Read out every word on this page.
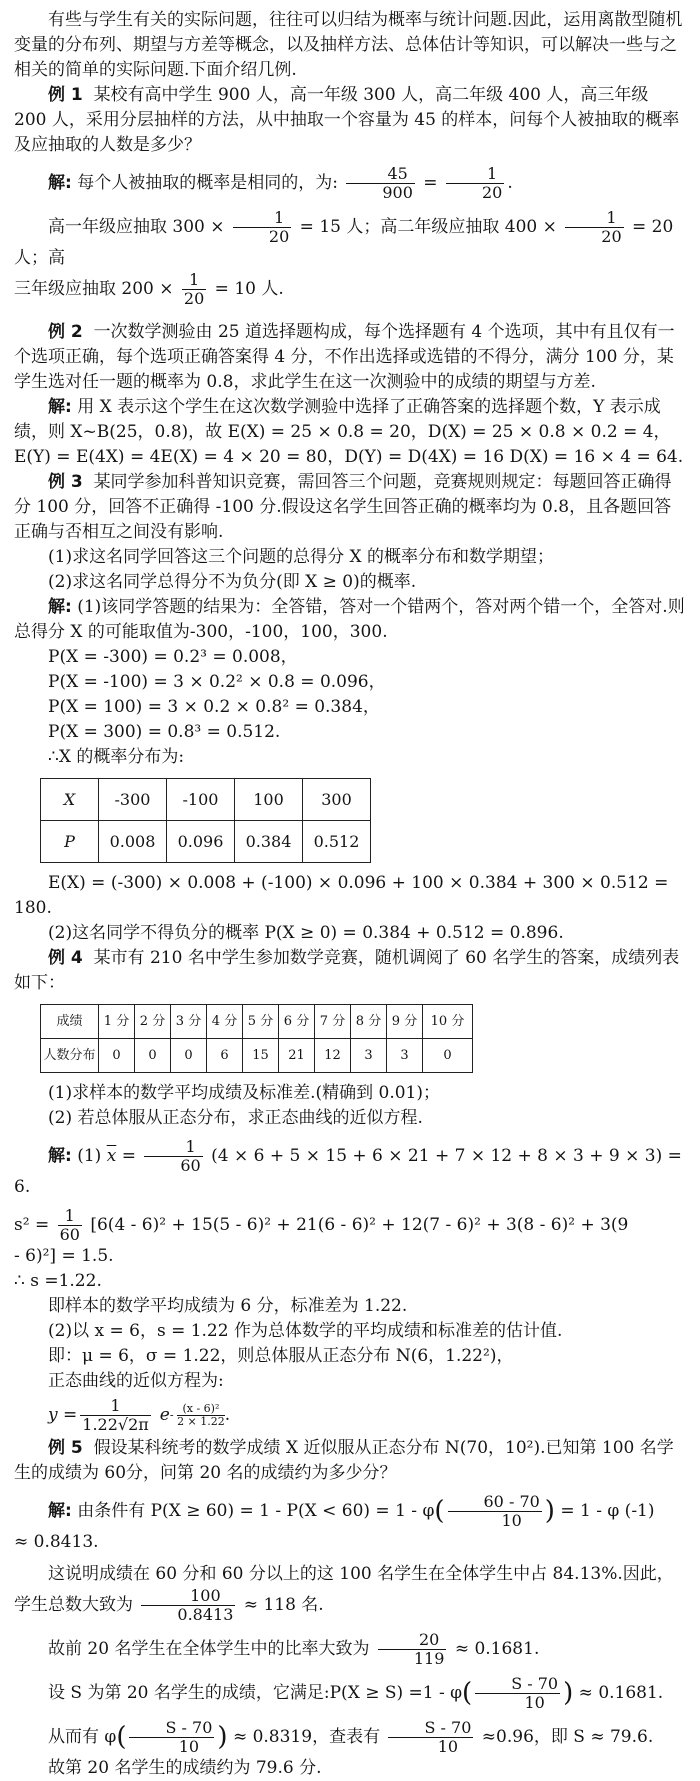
有些与学生有关的实际问题，往往可以归结为概率与统计问题.因此，运用离散型随机变量的分布列、期望与方差等概念，以及抽样方法、总体估计等知识，可以解决一些与之相关的简单的实际问题.下面介绍几例.

例 1 某校有高中学生 900 人，高一年级 300 人，高二年级 400 人，高三年级 200 人，采用分层抽样的方法，从中抽取一个容量为 45 的样本，问每个人被抽取的概率及应抽取的人数是多少？

解: 每个人被抽取的概率是相同的，为: $\frac{45}{900} = \frac{1}{20}$ .

高一年级应抽取 $300 \times \frac{1}{20} = 15$ 人；高二年级应抽取 $400 \times \frac{1}{20} = 20$ 人；高

三年级应抽取 $200 \times \frac{1}{20} = 10$ 人.

例 2 一次数学测验由 25 道选择题构成，每个选择题有 4 个选项，其中有且仅有一个选项正确，每个选项正确答案得 4 分，不作出选择或选错的不得分，满分 100 分，某学生选对任一题的概率为 0.8，求此学生在这一次测验中的成绩的期望与方差.

解: 用 X 表示这个学生在这次数学测验中选择了正确答案的选择题个数，Y 表示成绩，则 X~B(25，0.8)，故 E(X) = 25 × 0.8 = 20，D(X) = 25 × 0.8 × 0.2 = 4，E(Y) = E(4X) = 4E(X) = 4 × 20 = 80，D(Y) = D(4X) = 16 D(X) = 16 × 4 = 64.

例 3 某同学参加科普知识竞赛，需回答三个问题，竞赛规则规定：每题回答正确得分 100 分，回答不正确得 -100 分.假设这名学生回答正确的概率均为 0.8，且各题回答正确与否相互之间没有影响.

(1)求这名同学回答这三个问题的总得分 X 的概率分布和数学期望；

(2)求这名同学总得分不为负分(即 X ≥ 0)的概率.

解: (1)该同学答题的结果为：全答错，答对一个错两个，答对两个错一个，全答对.则总得分 X 的可能取值为-300，-100，100，300.

P(X = -300) = 0.2³ = 0.008，

P(X = -100) = 3 × 0.2² × 0.8 = 0.096，

P(X = 100) = 3 × 0.2 × 0.8² = 0.384，

P(X = 300) = 0.8³ = 0.512.

∴X 的概率分布为:

X	-300	-100	100	300
P	0.008	0.096	0.384	0.512

E(X) = (-300) × 0.008 + (-100) × 0.096 + 100 × 0.384 + 300 × 0.512 = 180.

(2)这名同学不得负分的概率 P(X ≥ 0) = 0.384 + 0.512 = 0.896.

例 4 某市有 210 名中学生参加数学竞赛，随机调阅了 60 名学生的答案，成绩列表如下：

成绩	1 分	2 分	3 分	4 分	5 分	6 分	7 分	8 分	9 分	10 分
人数分布	0	0	0	6	15	21	12	3	3	0

(1)求样本的数学平均成绩及标准差.(精确到 0.01)；

(2) 若总体服从正态分布，求正态曲线的近似方程.

解: (1) $\overline{x} = \frac{1}{60} (4 \times 6 + 5 \times 15 + 6 \times 21 + 7 \times 12 + 8 \times 3 + 9 \times 3) = 6$.

$s^2 = \frac{1}{60} [6(4 - 6)^2 + 15(5 - 6)^2 + 21(6 - 6)^2 + 12(7 - 6)^2 + 3(8 - 6)^2 + 3(9$

- 6)²] = 1.5.

∴ s =1.22.

即样本的数学平均成绩为 6 分，标准差为 1.22.

(2)以 x = 6，s = 1.22 作为总体数学的平均成绩和标准差的估计值.

即：μ = 6，σ = 1.22，则总体服从正态分布 N(6，1.22²)，

正态曲线的近似方程为:

$y = \frac{1}{1.22√2\pi}$ e - $\frac{\text{(x - 6)²}}{2 \times 1.22}$ .

例 5 假设某科统考的数学成绩 X 近似服从正态分布 N(70，10²).已知第 100 名学生的成绩为 60分，问第 20 名的成绩约为多少分？

解: 由条件有 $P(X \ge 60) = 1 - P(X < 60) = 1 - \varphi( \frac{60 - 70}{10}$ ) = 1 - φ (-1)

≈ 0.8413.

这说明成绩在 60 分和 60 分以上的这 100 名学生在全体学生中占 84.13%.因此，学生总数大致为 $\frac{100}{0.8413} \approx 118$ 名.

故前 20 名学生在全体学生中的比率大致为 $\frac{20}{119} \approx 0.1681$.

设 S 为第 20 名学生的成绩，它满足:P(X ≥ $S) =1 - \varphi( \frac{S - 70}{10}$ ) ≈ 0.1681.

从而有 $\varphi( \frac{S - 70}{10}$ ) ≈ 0.8319，查表有 $\frac{S - 70}{10} \approx 0.96$，即 S ≈ 79.6.

故第 20 名学生的成绩约为 79.6 分.
